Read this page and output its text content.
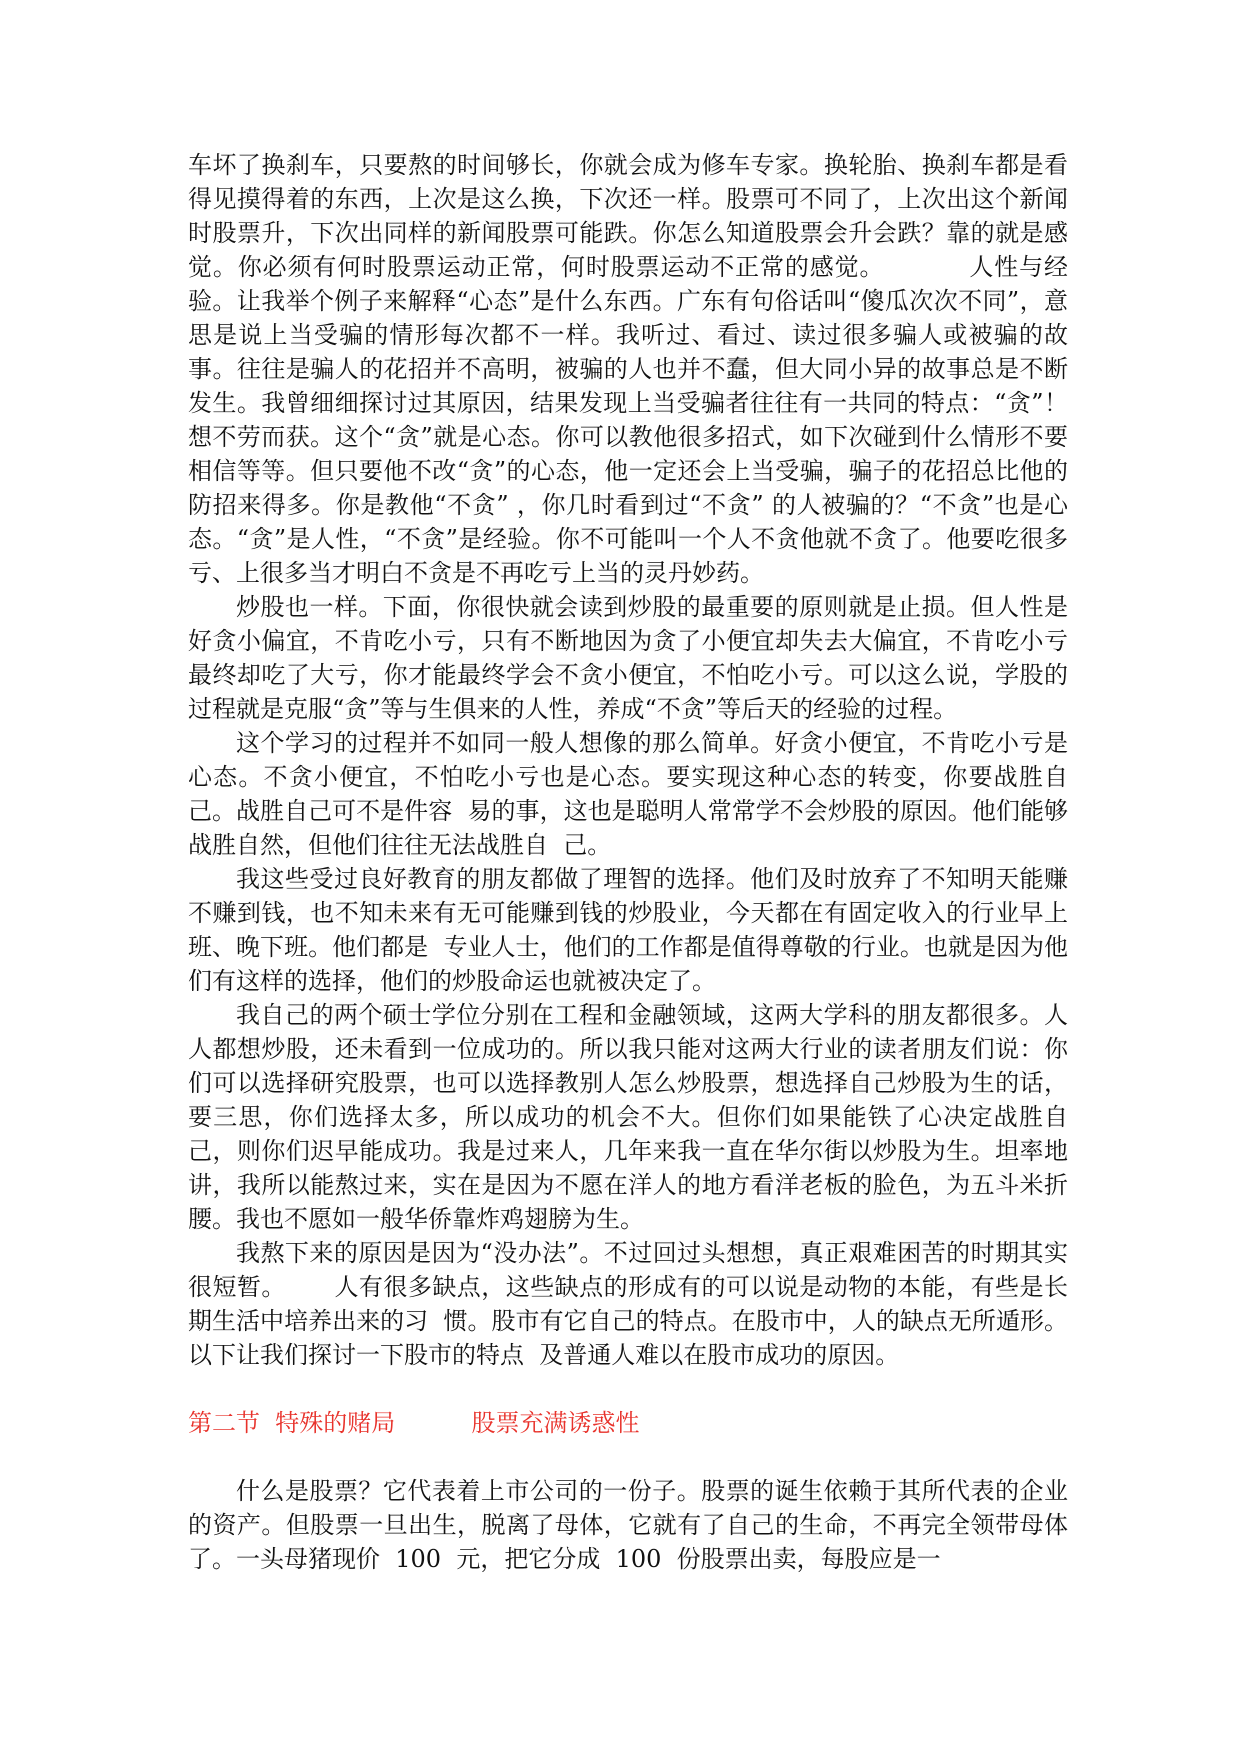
车坏了换刹车，只要熬的时间够长，你就会成为修车专家。换轮胎、换刹车都是看得见摸得着的东西，上次是这么换，下次还一样。股票可不同了，上次出这个新闻时股票升，下次出同样的新闻股票可能跌。你怎么知道股票会升会跌？靠的就是感觉。你必须有何时股票运动正常，何时股票运动不正常的感觉。          人性与经验。让我举个例子来解释“心态”是什么东西。广东有句俗话叫“傻瓜次次不同”，意思是说上当受骗的情形每次都不一样。我听过、看过、读过很多骗人或被骗的故事。往往是骗人的花招并不高明，被骗的人也并不蠢，但大同小异的故事总是不断发生。我曾细细探讨过其原因，结果发现上当受骗者往往有一共同的特点：“贪”！想不劳而获。这个“贪”就是心态。你可以教他很多招式，如下次碰到什么情形不要相信等等。但只要他不改“贪”的心态，他一定还会上当受骗，骗子的花招总比他的防招来得多。你是教他“不贪” ，你几时看到过“不贪” 的人被骗的？“不贪”也是心态。“贪”是人性，“不贪”是经验。你不可能叫一个人不贪他就不贪了。他要吃很多亏、上很多当才明白不贪是不再吃亏上当的灵丹妙药。

炒股也一样。下面，你很快就会读到炒股的最重要的原则就是止损。但人性是好贪小偏宜，不肯吃小亏，只有不断地因为贪了小便宜却失去大偏宜，不肯吃小亏最终却吃了大亏，你才能最终学会不贪小便宜，不怕吃小亏。可以这么说，学股的过程就是克服“贪”等与生俱来的人性，养成“不贪”等后天的经验的过程。

这个学习的过程并不如同一般人想像的那么简单。好贪小便宜，不肯吃小亏是心态。不贪小便宜，不怕吃小亏也是心态。要实现这种心态的转变，你要战胜自己。战胜自己可不是件容  易的事，这也是聪明人常常学不会炒股的原因。他们能够战胜自然，但他们往往无法战胜自  己。

我这些受过良好教育的朋友都做了理智的选择。他们及时放弃了不知明天能赚不赚到钱，也不知未来有无可能赚到钱的炒股业，今天都在有固定收入的行业早上班、晚下班。他们都是  专业人士，他们的工作都是值得尊敬的行业。也就是因为他们有这样的选择，他们的炒股命运也就被决定了。

我自己的两个硕士学位分别在工程和金融领域，这两大学科的朋友都很多。人人都想炒股，还未看到一位成功的。所以我只能对这两大行业的读者朋友们说：你们可以选择研究股票，也可以选择教别人怎么炒股票，想选择自己炒股为生的话，要三思，你们选择太多，所以成功的机会不大。但你们如果能铁了心决定战胜自己，则你们迟早能成功。我是过来人，几年来我一直在华尔街以炒股为生。坦率地讲，我所以能熬过来，实在是因为不愿在洋人的地方看洋老板的脸色，为五斗米折腰。我也不愿如一般华侨靠炸鸡翅膀为生。

我熬下来的原因是因为“没办法”。不过回过头想想，真正艰难困苦的时期其实很短暂。      人有很多缺点，这些缺点的形成有的可以说是动物的本能，有些是长期生活中培养出来的习  惯。股市有它自己的特点。在股市中，人的缺点无所遁形。以下让我们探讨一下股市的特点  及普通人难以在股市成功的原因。

第二节  特殊的赌局          股票充满诱惑性

什么是股票？它代表着上市公司的一份子。股票的诞生依赖于其所代表的企业的资产。但股票一旦出生，脱离了母体，它就有了自己的生命，不再完全领带母体了。一头母猪现价  100  元，把它分成  100  份股票出卖，每股应是一
